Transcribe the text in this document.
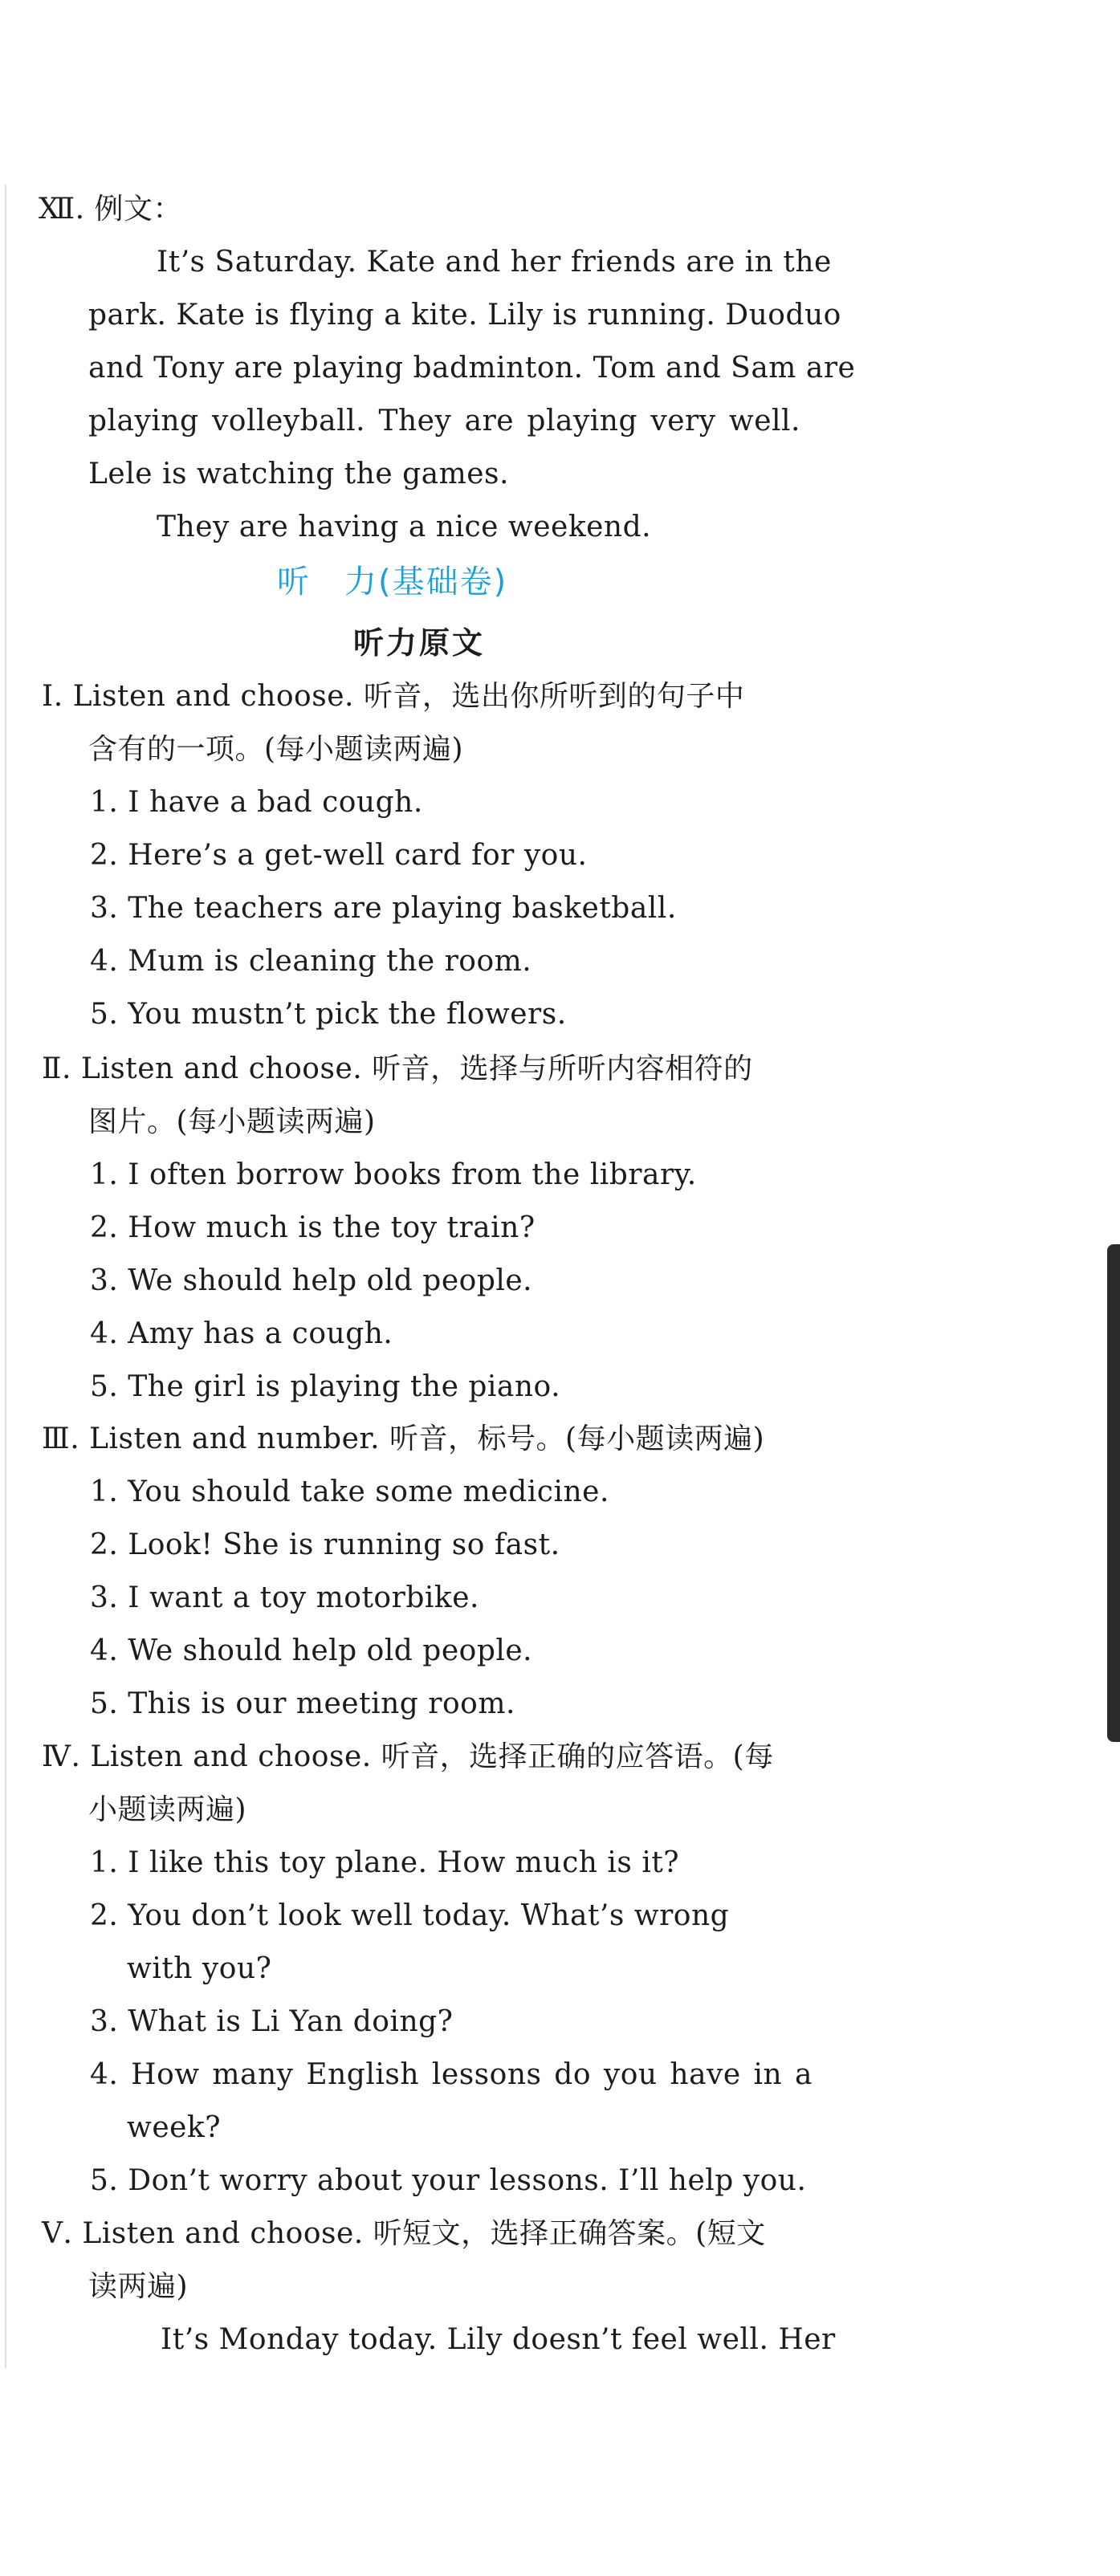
Ⅻ. 例文：
It’s Saturday. Kate and her friends are in the
park. Kate is flying a kite. Lily is running. Duoduo
and Tony are playing badminton. Tom and Sam are
playing volleyball. They are playing very well.
Lele is watching the games.
They are having a nice weekend.
听　力(基础卷)
听力原文
Ⅰ. Listen and choose. 听音，选出你所听到的句子中
含有的一项。(每小题读两遍)
1. I have a bad cough.
2. Here’s a get-well card for you.
3. The teachers are playing basketball.
4. Mum is cleaning the room.
5. You mustn’t pick the flowers.
Ⅱ. Listen and choose. 听音，选择与所听内容相符的
图片。(每小题读两遍)
1. I often borrow books from the library.
2. How much is the toy train?
3. We should help old people.
4. Amy has a cough.
5. The girl is playing the piano.
Ⅲ. Listen and number. 听音，标号。(每小题读两遍)
1. You should take some medicine.
2. Look! She is running so fast.
3. I want a toy motorbike.
4. We should help old people.
5. This is our meeting room.
Ⅳ. Listen and choose. 听音，选择正确的应答语。(每
小题读两遍)
1. I like this toy plane. How much is it?
2. You don’t look well today. What’s wrong
with you?
3. What is Li Yan doing?
4. How many English lessons do you have in a
week?
5. Don’t worry about your lessons. I’ll help you.
Ⅴ. Listen and choose. 听短文，选择正确答案。(短文
读两遍)
It’s Monday today. Lily doesn’t feel well. Her
